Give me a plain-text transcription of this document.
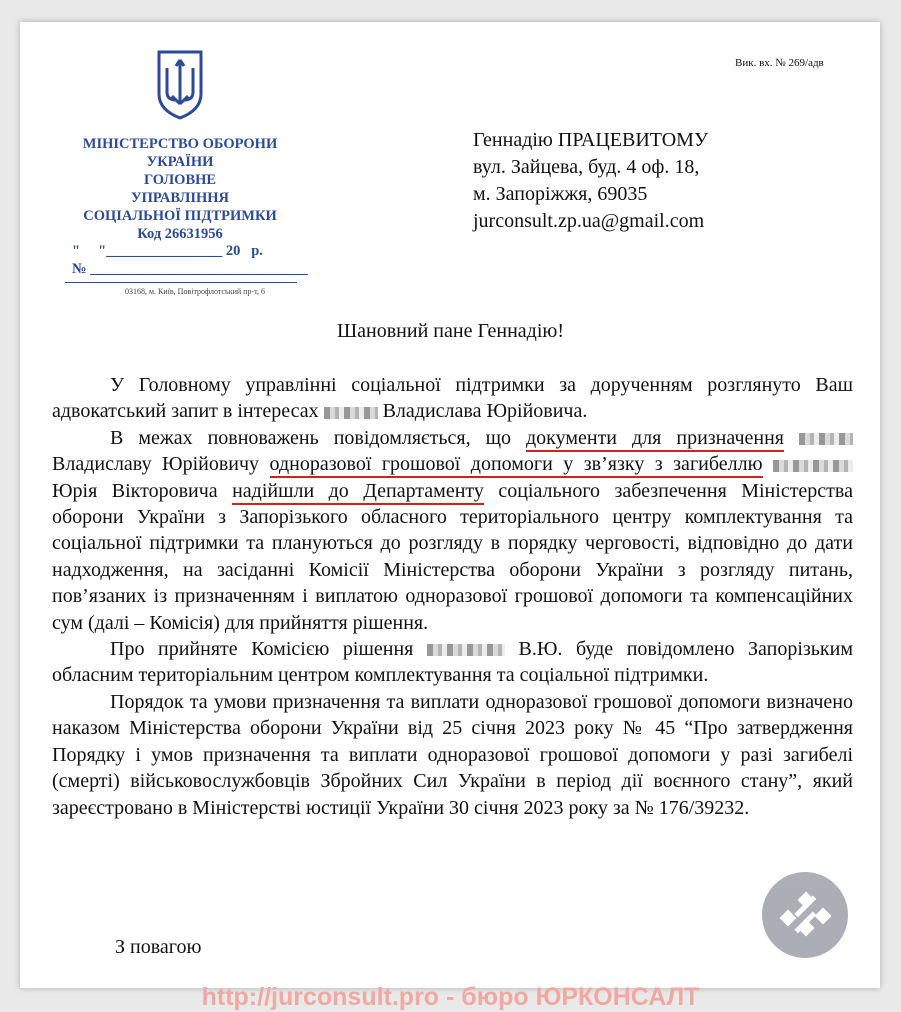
Вик. вх. № 269/адв
МІНІСТЕРСТВО ОБОРОНИ
УКРАЇНИ
ГОЛОВНЕ
УПРАВЛІННЯ
СОЦІАЛЬНОЇ ПІДТРИМКИ
Код 26631956
"     "________________ 20   р.
№ ______________________________
03168, м. Київ, Повітрофлотський пр-т, 6
Геннадію ПРАЦЕВИТОМУ
вул. Зайцева, буд. 4 оф. 18,
м. Запоріжжя, 69035
jurconsult.zp.ua@gmail.com
Шановний пане Геннадію!

У Головному управлінні соціальної підтримки за дорученням розглянуто Ваш адвокатський запит в інтересах	Владислава Юрійовича.

В межах повноважень повідомляється, що документи для призначення  Владиславу Юрійовичу одноразової грошової допомоги у зв’язку з загибеллю  Юрія Вікторовича надійшли до Департаменту соціального забезпечення Міністерства оборони України з Запорізького обласного територіального центру комплектування та соціальної підтримки та плануються до розгляду в порядку черговості, відповідно до дати надходження, на засіданні Комісії Міністерства оборони України з розгляду питань, пов’язаних із призначенням і виплатою одноразової грошової допомоги та компенсаційних сум (далі – Комісія) для прийняття рішення.

Про прийняте Комісією рішення	В.Ю. буде повідомлено Запорізьким обласним територіальним центром комплектування та соціальної підтримки.

Порядок та умови призначення та виплати одноразової грошової допомоги визначено наказом Міністерства оборони України від 25 січня 2023 року № 45 “Про затвердження Порядку і умов призначення та виплати одноразової грошової допомоги у разі загибелі (смерті) військовослужбовців Збройних Сил України в період дії воєнного стану”, який зареєстровано в Міністерстві юстиції України 30 січня 2023 року за № 176/39232.

З повагою
http://jurconsult.pro - бюро ЮРКОНСАЛТ
